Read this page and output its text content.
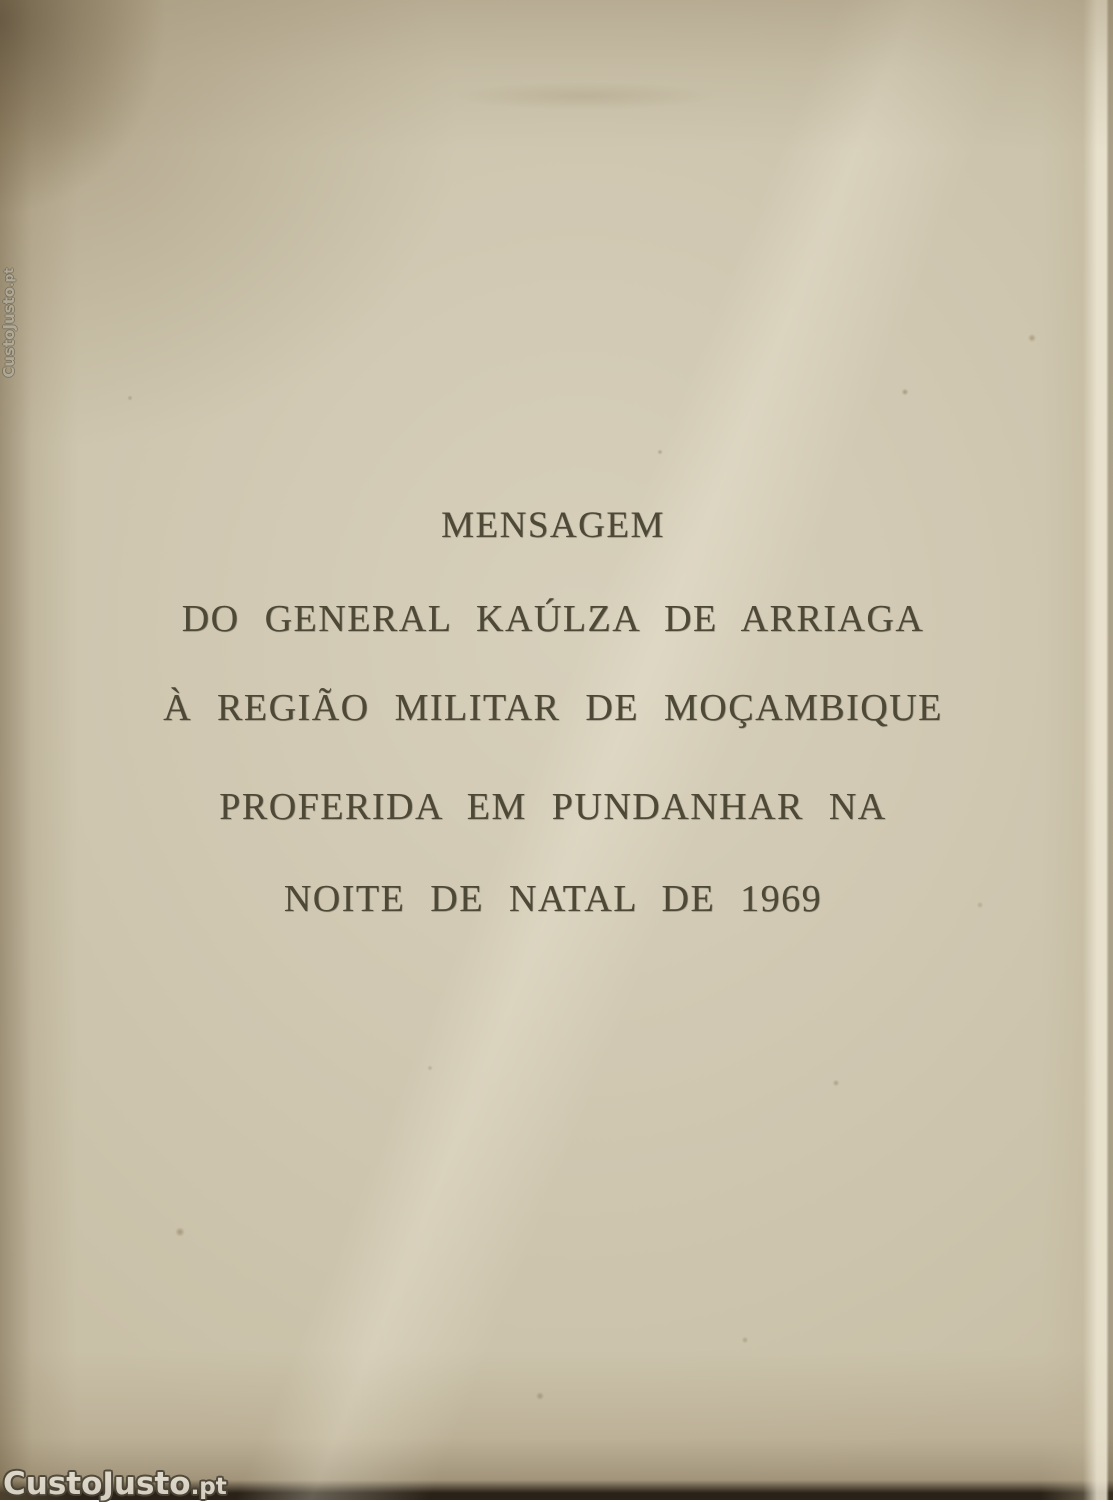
MENSAGEM
DO GENERAL KAÚLZA DE ARRIAGA
À REGIÃO MILITAR DE MOÇAMBIQUE
PROFERIDA EM PUNDANHAR NA
NOITE DE NATAL DE 1969
CustoJusto.pt
CustoJusto.pt
